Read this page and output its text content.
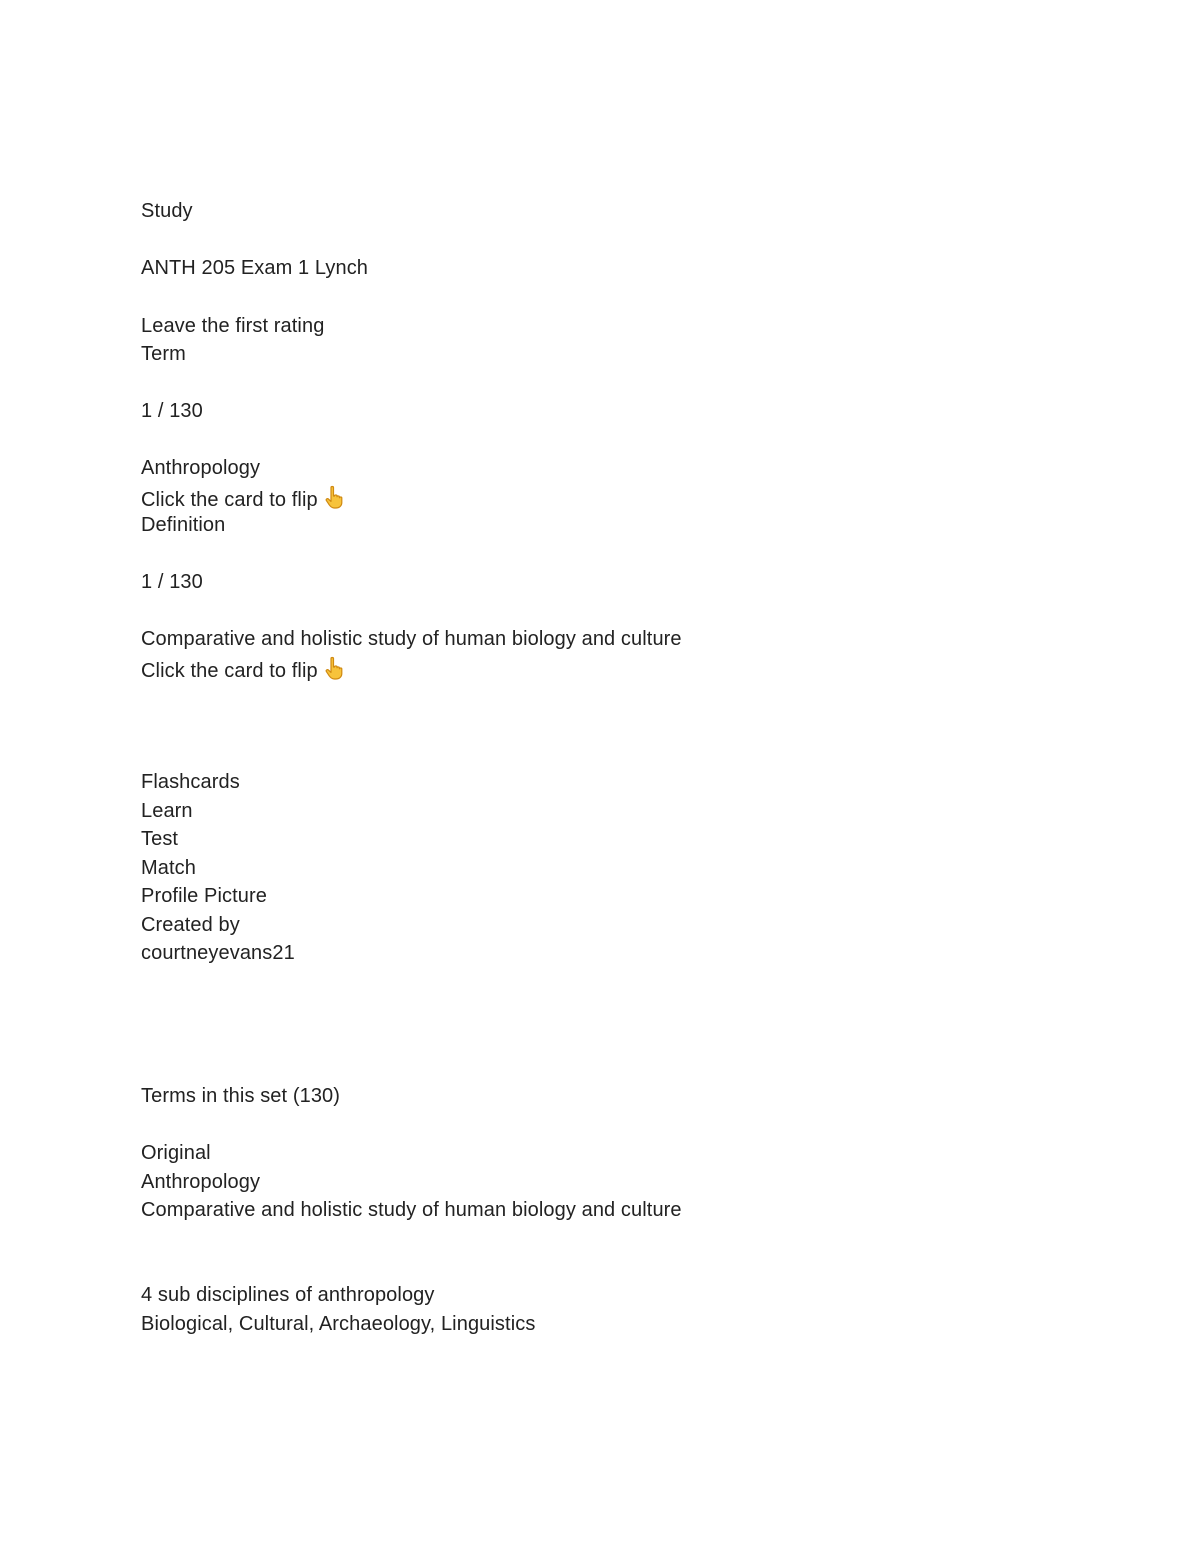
Study
ANTH 205 Exam 1 Lynch
Leave the first rating
Term
1 / 130
Anthropology
Click the card to flip
Definition
1 / 130
Comparative and holistic study of human biology and culture
Click the card to flip
Flashcards
Learn
Test
Match
Profile Picture
Created by
courtneyevans21
Terms in this set (130)
Original
Anthropology
Comparative and holistic study of human biology and culture
4 sub disciplines of anthropology
Biological, Cultural, Archaeology, Linguistics
